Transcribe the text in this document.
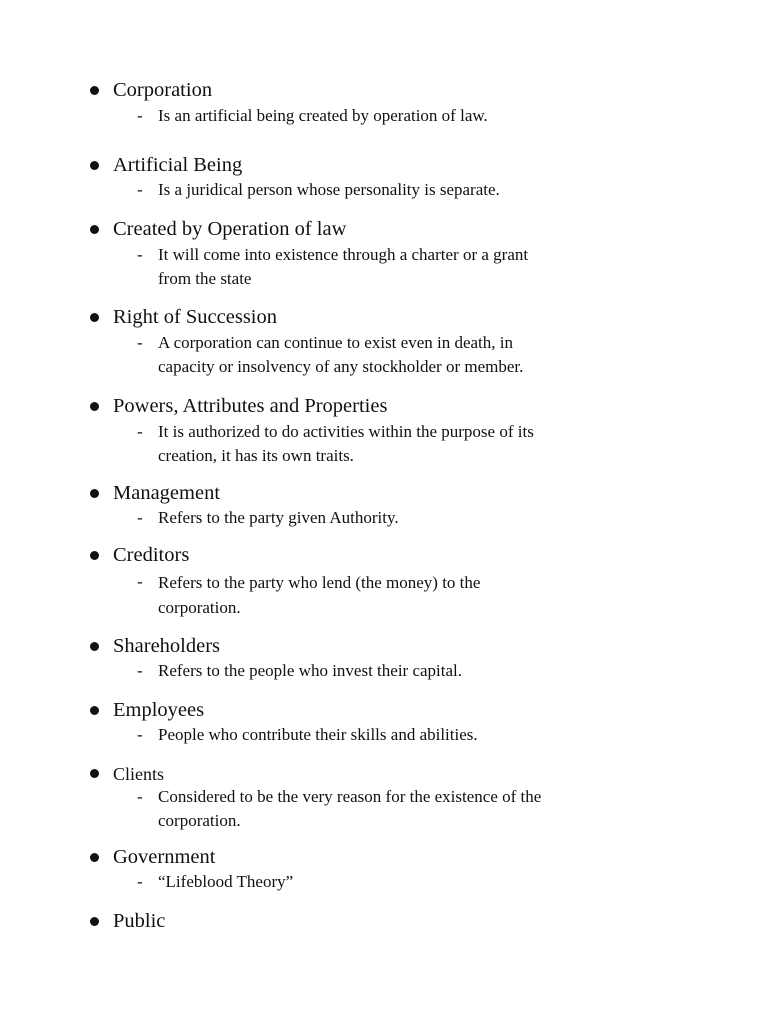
Corporation
- Is an artificial being created by operation of law.
Artificial Being
- Is a juridical person whose personality is separate.
Created by Operation of law
- It will come into existence through a charter or a grant
from the state
Right of Succession
- A corporation can continue to exist even in death, in
capacity or insolvency of any stockholder or member.
Powers, Attributes and Properties
- It is authorized to do activities within the purpose of its
creation, it has its own traits.
Management
- Refers to the party given Authority.
Creditors
- Refers to the party who lend (the money) to the
corporation.
Shareholders
- Refers to the people who invest their capital.
Employees
- People who contribute their skills and abilities.
Clients
- Considered to be the very reason for the existence of the
corporation.
Government
- “Lifeblood Theory”
Public
